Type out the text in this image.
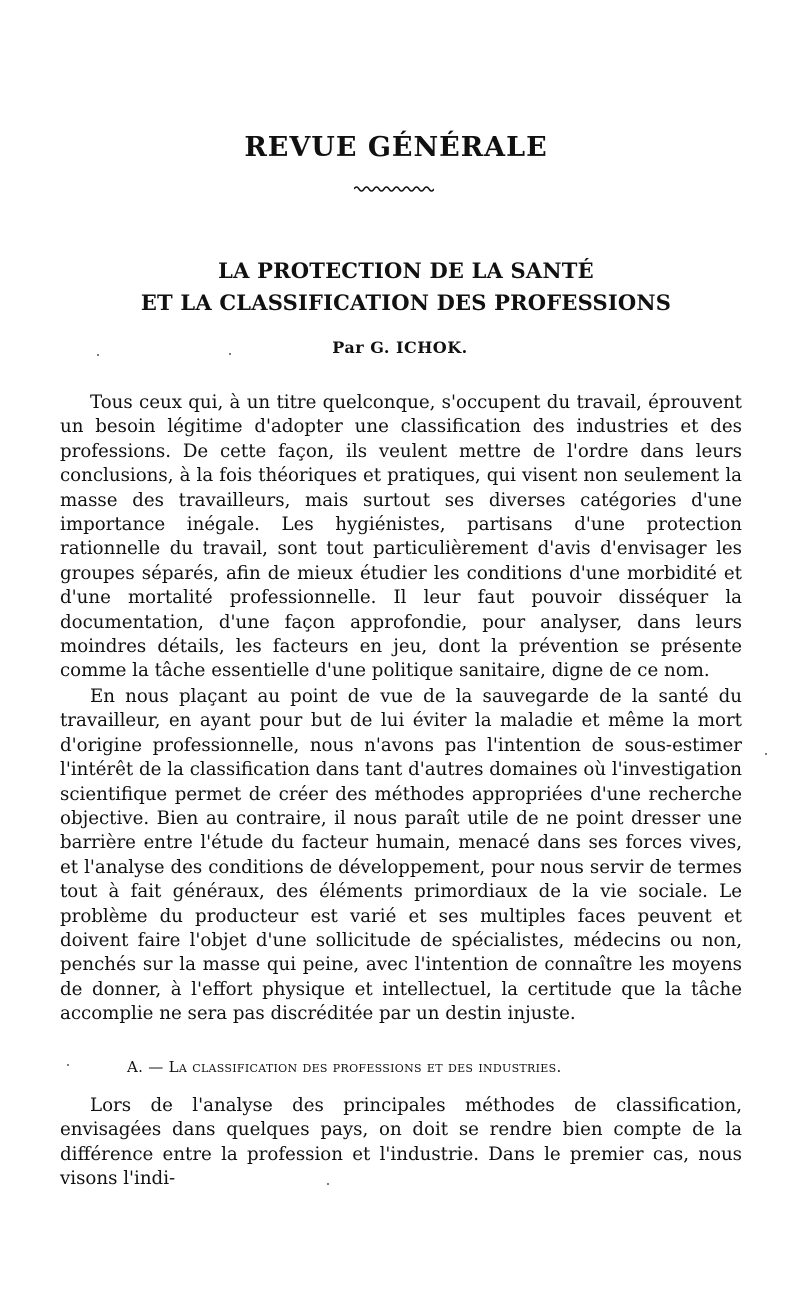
REVUE GÉNÉRALE
LA PROTECTION DE LA SANTÉ
ET LA CLASSIFICATION DES PROFESSIONS
Par G. ICHOK.

Tous ceux qui, à un titre quelconque, s'occupent du travail, éprouvent un besoin légitime d'adopter une classification des industries et des professions. De cette façon, ils veulent mettre de l'ordre dans leurs conclusions, à la fois théoriques et pratiques, qui visent non seulement la masse des travailleurs, mais surtout ses diverses catégories d'une importance inégale. Les hygiénistes, partisans d'une protection rationnelle du travail, sont tout particulièrement d'avis d'envisager les groupes séparés, afin de mieux étudier les conditions d'une morbidité et d'une mortalité professionnelle. Il leur faut pouvoir disséquer la documentation, d'une façon approfondie, pour analyser, dans leurs moindres détails, les facteurs en jeu, dont la prévention se présente comme la tâche essentielle d'une politique sanitaire, digne de ce nom.

En nous plaçant au point de vue de la sauvegarde de la santé du travailleur, en ayant pour but de lui éviter la maladie et même la mort d'origine professionnelle, nous n'avons pas l'intention de sous-estimer l'intérêt de la classification dans tant d'autres domaines où l'investigation scientifique permet de créer des méthodes appropriées d'une recherche objective. Bien au contraire, il nous paraît utile de ne point dresser une barrière entre l'étude du facteur humain, menacé dans ses forces vives, et l'analyse des conditions de développement, pour nous servir de termes tout à fait généraux, des éléments primordiaux de la vie sociale. Le problème du producteur est varié et ses multiples faces peuvent et doivent faire l'objet d'une sollicitude de spécialistes, médecins ou non, penchés sur la masse qui peine, avec l'intention de connaître les moyens de donner, à l'effort physique et intellectuel, la certitude que la tâche accomplie ne sera pas discréditée par un destin injuste.

A. — La classification des professions et des industries.

Lors de l'analyse des principales méthodes de classification, envisagées dans quelques pays, on doit se rendre bien compte de la différence entre la profession et l'industrie. Dans le premier cas, nous visons l'indi-
